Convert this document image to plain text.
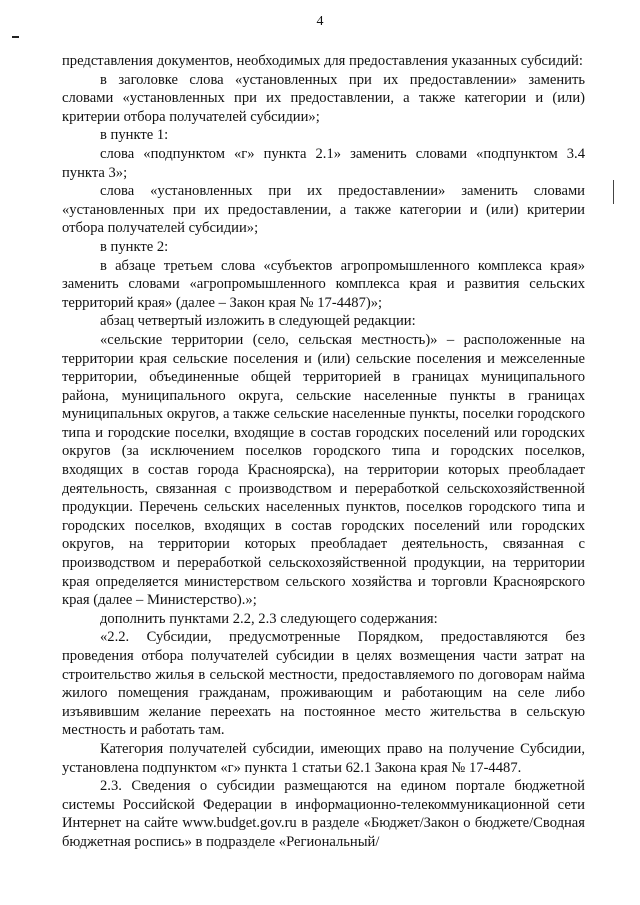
4

представления документов, необходимых для предоставления указанных субсидий:

в заголовке слова «установленных при их предоставлении» заменить словами «установленных при их предоставлении, а также категории и (или) критерии отбора получателей субсидии»;

в пункте 1:

слова «подпунктом «г» пункта 2.1» заменить словами «подпунктом 3.4 пункта 3»;

слова «установленных при их предоставлении» заменить словами «установленных при их предоставлении, а также категории и (или) критерии отбора получателей субсидии»;

в пункте 2:

в абзаце третьем слова «субъектов агропромышленного комплекса края» заменить словами «агропромышленного комплекса края и развития сельских территорий края» (далее – Закон края № 17-4487)»;

абзац четвертый изложить в следующей редакции:

«сельские территории (село, сельская местность)» – расположенные на территории края сельские поселения и (или) сельские поселения и межселенные территории, объединенные общей территорией в границах муниципального района, муниципального округа, сельские населенные пункты в границах муниципальных округов, а также сельские населенные пункты, поселки городского типа и городские поселки, входящие в состав городских поселений или городских округов (за исключением поселков городского типа и городских поселков, входящих в состав города Красноярска), на территории которых преобладает деятельность, связанная с производством и переработкой сельскохозяйственной продукции. Перечень сельских населенных пунктов, поселков городского типа и городских поселков, входящих в состав городских поселений или городских округов, на территории которых преобладает деятельность, связанная с производством и переработкой сельскохозяйственной продукции, на территории края определяется министерством сельского хозяйства и торговли Красноярского края (далее – Министерство).»;

дополнить пунктами 2.2, 2.3 следующего содержания:

«2.2. Субсидии, предусмотренные Порядком, предоставляются без проведения отбора получателей субсидии в целях возмещения части затрат на строительство жилья в сельской местности, предоставляемого по договорам найма жилого помещения гражданам, проживающим и работающим на селе либо изъявившим желание переехать на постоянное место жительства в сельскую местность и работать там.

Категория получателей субсидии, имеющих право на получение Субсидии, установлена подпунктом «г» пункта 1 статьи 62.1 Закона края № 17-4487.

2.3. Сведения о субсидии размещаются на едином портале бюджетной системы Российской Федерации в информационно-телекоммуникационной сети Интернет на сайте www.budget.gov.ru в разделе «Бюджет/Закон о бюджете/Сводная бюджетная роспись» в подразделе «Региональный/
